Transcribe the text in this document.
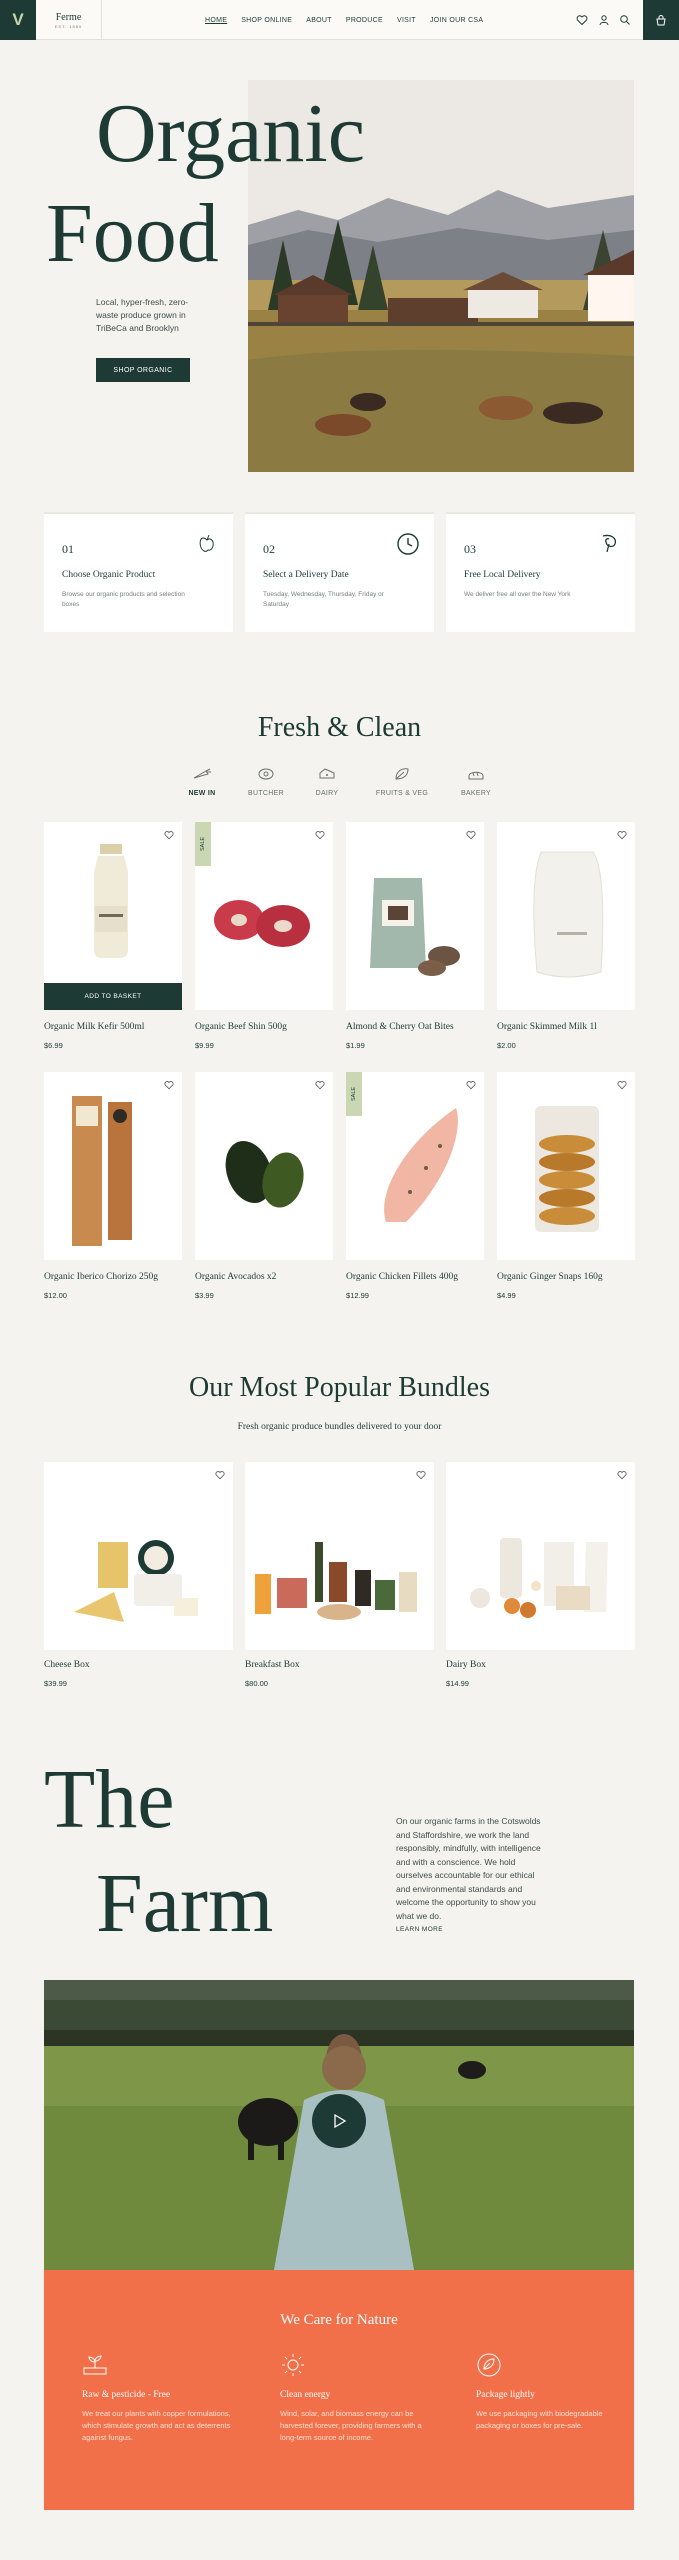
V	Ferme
EST. 1860
HOME SHOP ONLINE ABOUT PRODUCE VISIT JOIN OUR CSA
Organic
Food
Local, hyper-fresh, zero-waste produce grown in TriBeCa and Brooklyn
SHOP ORGANIC
01
Choose Organic Product
Browse our organic products and selection boxes
02
Select a Delivery Date
Tuesday, Wednesday, Thursday, Friday or Saturday
03
Free Local Delivery
We deliver free all over the New York
Fresh & Clean
NEW IN	BUTCHER	DAIRY	FRUITS & VEG	BAKERY
ADD TO BASKET
SALE
Organic Milk Kefir 500ml
$6.99
Organic Beef Shin 500g
$9.99
Almond & Cherry Oat Bites
$1.99
Organic Skimmed Milk 1l
$2.00
SALE
Organic Iberico Chorizo 250g
$12.00
Organic Avocados x2
$3.99
Organic Chicken Fillets 400g
$12.99
Organic Ginger Snaps 160g
$4.99
Our Most Popular Bundles
Fresh organic produce bundles delivered to your door
Cheese Box
$39.99
Breakfast Box
$80.00
Dairy Box
$14.99
The
Farm
On our organic farms in the Cotswolds and Staffordshire, we work the land responsibly, mindfully, with intelligence and with a conscience. We hold ourselves accountable for our ethical and environmental standards and welcome the opportunity to show you what we do.
LEARN MORE
We Care for Nature
Raw & pesticide - Free
We treat our plants with copper formulations, which stimulate growth and act as deterrents against fungus.
Clean energy
Wind, solar, and biomass energy can be harvested forever, providing farmers with a long-term source of income.
Package lightly
We use packaging with biodegradable packaging or boxes for pre-sale.
